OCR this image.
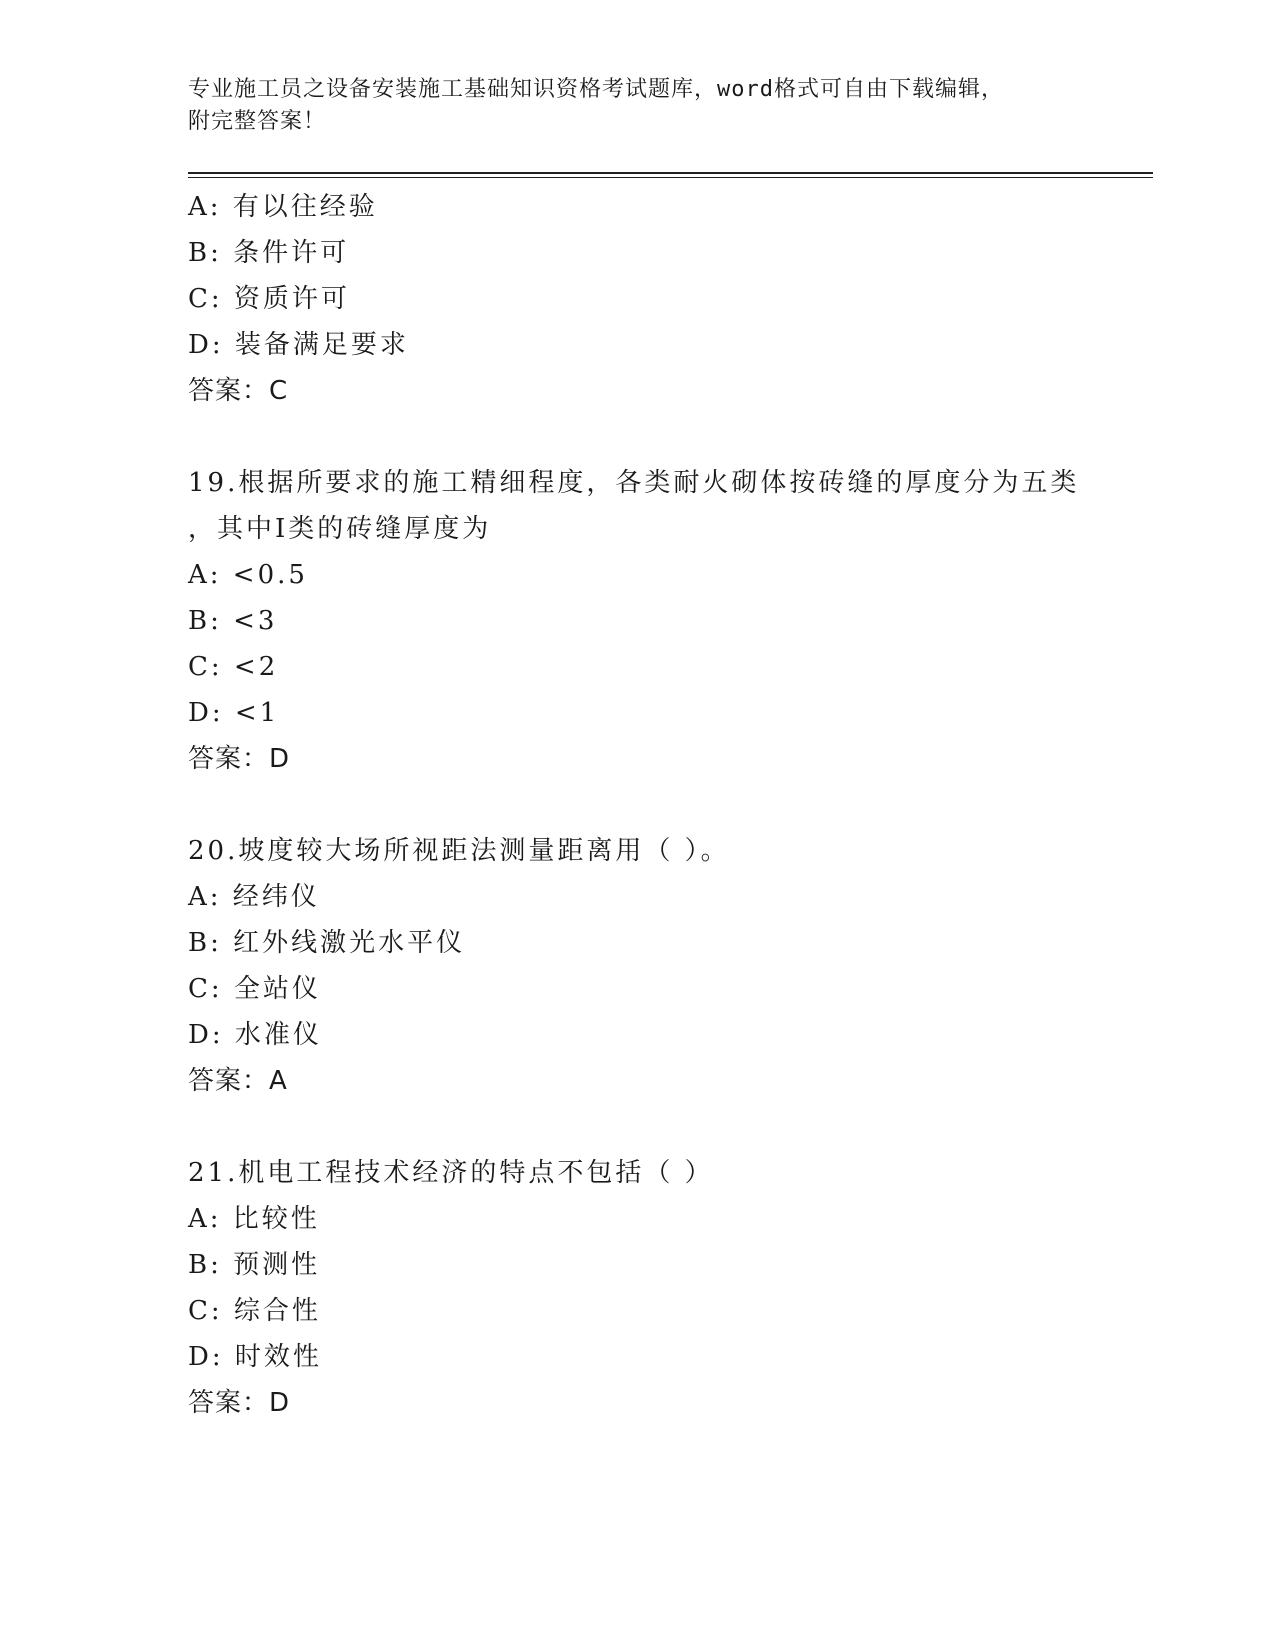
专业施工员之设备安装施工基础知识资格考试题库，word格式可自由下载编辑，

附完整答案！

A: 有以往经验

B: 条件许可

C: 资质许可

D: 装备满足要求

答案：C

19.根据所要求的施工精细程度，各类耐火砌体按砖缝的厚度分为五类

，其中I类的砖缝厚度为

A: <0.5

B: <3

C: <2

D: <1

答案：D

20.坡度较大场所视距法测量距离用（ ）。

A: 经纬仪

B: 红外线激光水平仪

C: 全站仪

D: 水准仪

答案：A

21.机电工程技术经济的特点不包括（ ）

A: 比较性

B: 预测性

C: 综合性

D: 时效性

答案：D
